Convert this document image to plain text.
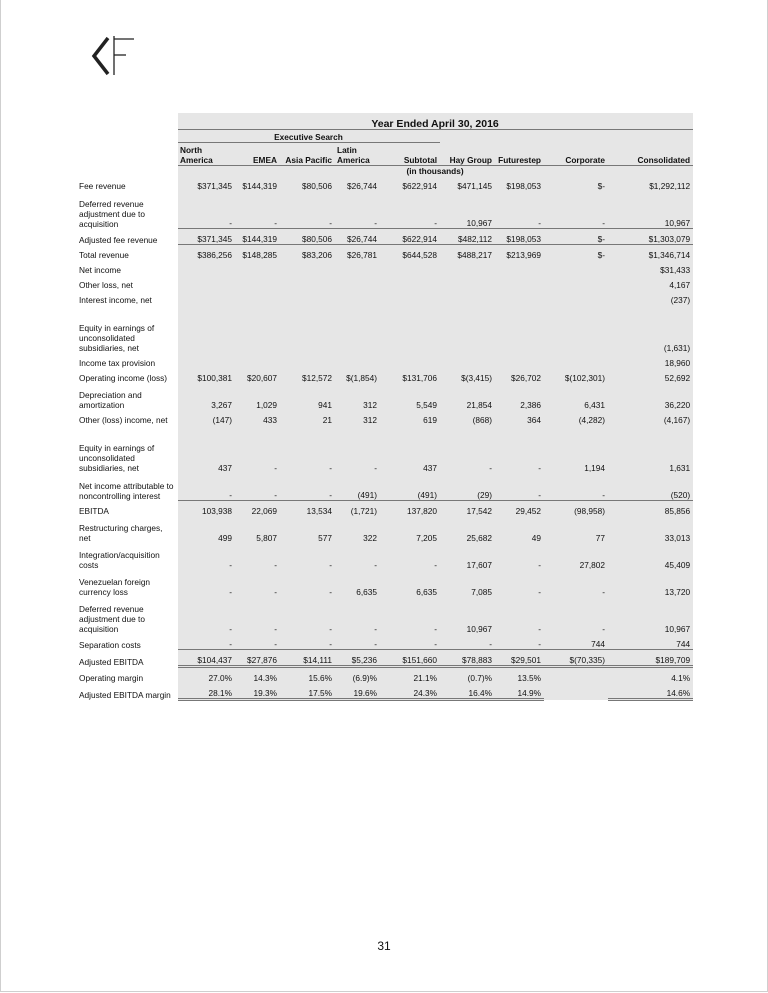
	Year Ended April 30, 2016								
	Executive Search								
	North America	EMEA	Asia Pacific	Latin America	Subtotal	Hay Group	Futurestep	Corporate	Consolidated
	(in thousands)								
Fee revenue	$371,345	$144,319	$80,506	$26,744	$622,914	$471,145	$198,053	$-	$1,292,112
Deferred revenue adjustment due to acquisition	-	-	-	-	-	10,967	-	-	10,967
Adjusted fee revenue	$371,345	$144,319	$80,506	$26,744	$622,914	$482,112	$198,053	$-	$1,303,079
Total revenue	$386,256	$148,285	$83,206	$26,781	$644,528	$488,217	$213,969	$-	$1,346,714
Net income									$31,433
Other loss, net									4,167
Interest income, net									(237)
Equity in earnings of unconsolidated subsidiaries, net									(1,631)
Income tax provision									18,960
Operating income (loss)	$100,381	$20,607	$12,572	$(1,854)	$131,706	$(3,415)	$26,702	$(102,301)	52,692
Depreciation and amortization	3,267	1,029	941	312	5,549	21,854	2,386	6,431	36,220
Other (loss) income, net	(147)	433	21	312	619	(868)	364	(4,282)	(4,167)
Equity in earnings of unconsolidated subsidiaries, net	437	-	-	-	437	-	-	1,194	1,631
Net income attributable to noncontrolling interest	-	-	-	(491)	(491)	(29)	-	-	(520)
EBITDA	103,938	22,069	13,534	(1,721)	137,820	17,542	29,452	(98,958)	85,856
Restructuring charges, net	499	5,807	577	322	7,205	25,682	49	77	33,013
Integration/acquisition costs	-	-	-	-	-	17,607	-	27,802	45,409
Venezuelan foreign currency loss	-	-	-	6,635	6,635	7,085	-	-	13,720
Deferred revenue adjustment due to acquisition	-	-	-	-	-	10,967	-	-	10,967
Separation costs	-	-	-	-	-	-	-	744	744
Adjusted EBITDA	$104,437	$27,876	$14,111	$5,236	$151,660	$78,883	$29,501	$(70,335)	$189,709
Operating margin	27.0%	14.3%	15.6%	(6.9)%	21.1%	(0.7)%	13.5%		4.1%
Adjusted EBITDA margin	28.1%	19.3%	17.5%	19.6%	24.3%	16.4%	14.9%		14.6%
31
